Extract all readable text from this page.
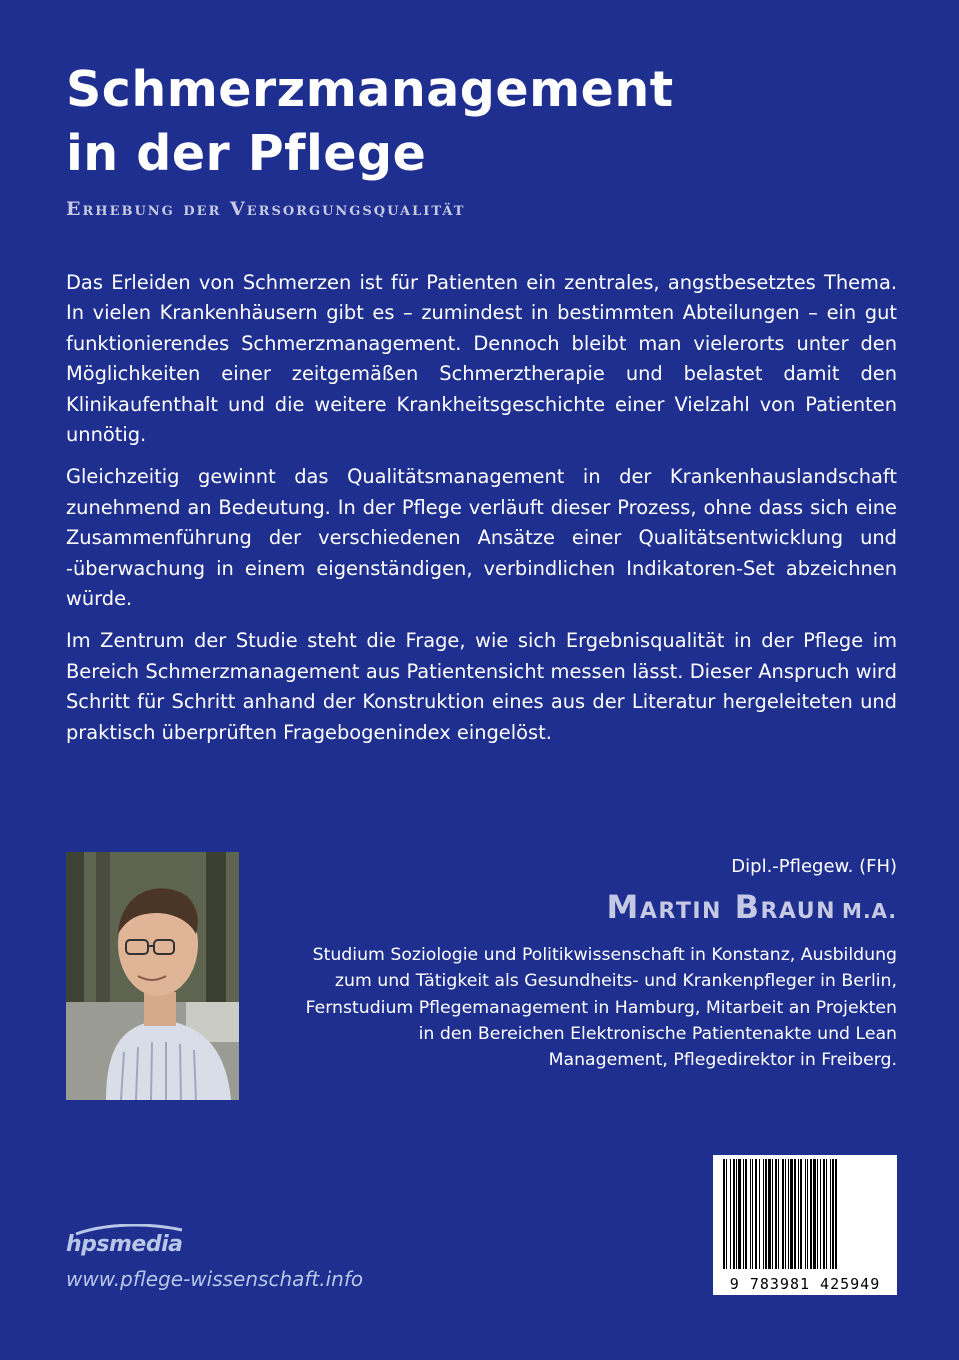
Schmerzmanagement
in der Pflege
Erhebung der Versorgungsqualität

Das Erleiden von Schmerzen ist für Patienten ein zentrales, angstbesetztes Thema. In vielen Krankenhäusern gibt es – zumindest in bestimmten Abteilungen – ein gut funktionierendes Schmerzmanagement. Dennoch bleibt man vielerorts unter den Möglichkeiten einer zeitgemäßen Schmerztherapie und belastet damit den Klinikaufenthalt und die weitere Krankheitsgeschichte einer Vielzahl von Patienten unnötig.

Gleichzeitig gewinnt das Qualitätsmanagement in der Krankenhauslandschaft zunehmend an Bedeutung. In der Pflege verläuft dieser Prozess, ohne dass sich eine Zusammenführung der verschiedenen Ansätze einer Qualitätsentwicklung und -überwachung in einem eigenständigen, verbindlichen Indikatoren-Set abzeichnen würde.

Im Zentrum der Studie steht die Frage, wie sich Ergebnisqualität in der Pflege im Bereich Schmerzmanagement aus Patientensicht messen lässt. Dieser Anspruch wird Schritt für Schritt anhand der Konstruktion eines aus der Literatur hergeleiteten und praktisch überprüften Fragebogenindex eingelöst.

Dipl.-Pflegew. (FH)
Martin Braun M.A.
Studium Soziologie und Politikwissenschaft in Konstanz, Ausbildung zum und Tätigkeit als Gesundheits- und Krankenpfleger in Berlin, Fernstudium Pflegemanagement in Hamburg, Mitarbeit an Projekten in den Bereichen Elektronische Patientenakte und Lean Management, Pflegedirektor in Freiberg.
hpsmedia
www.pflege-wissenschaft.info	9 783981 425949
